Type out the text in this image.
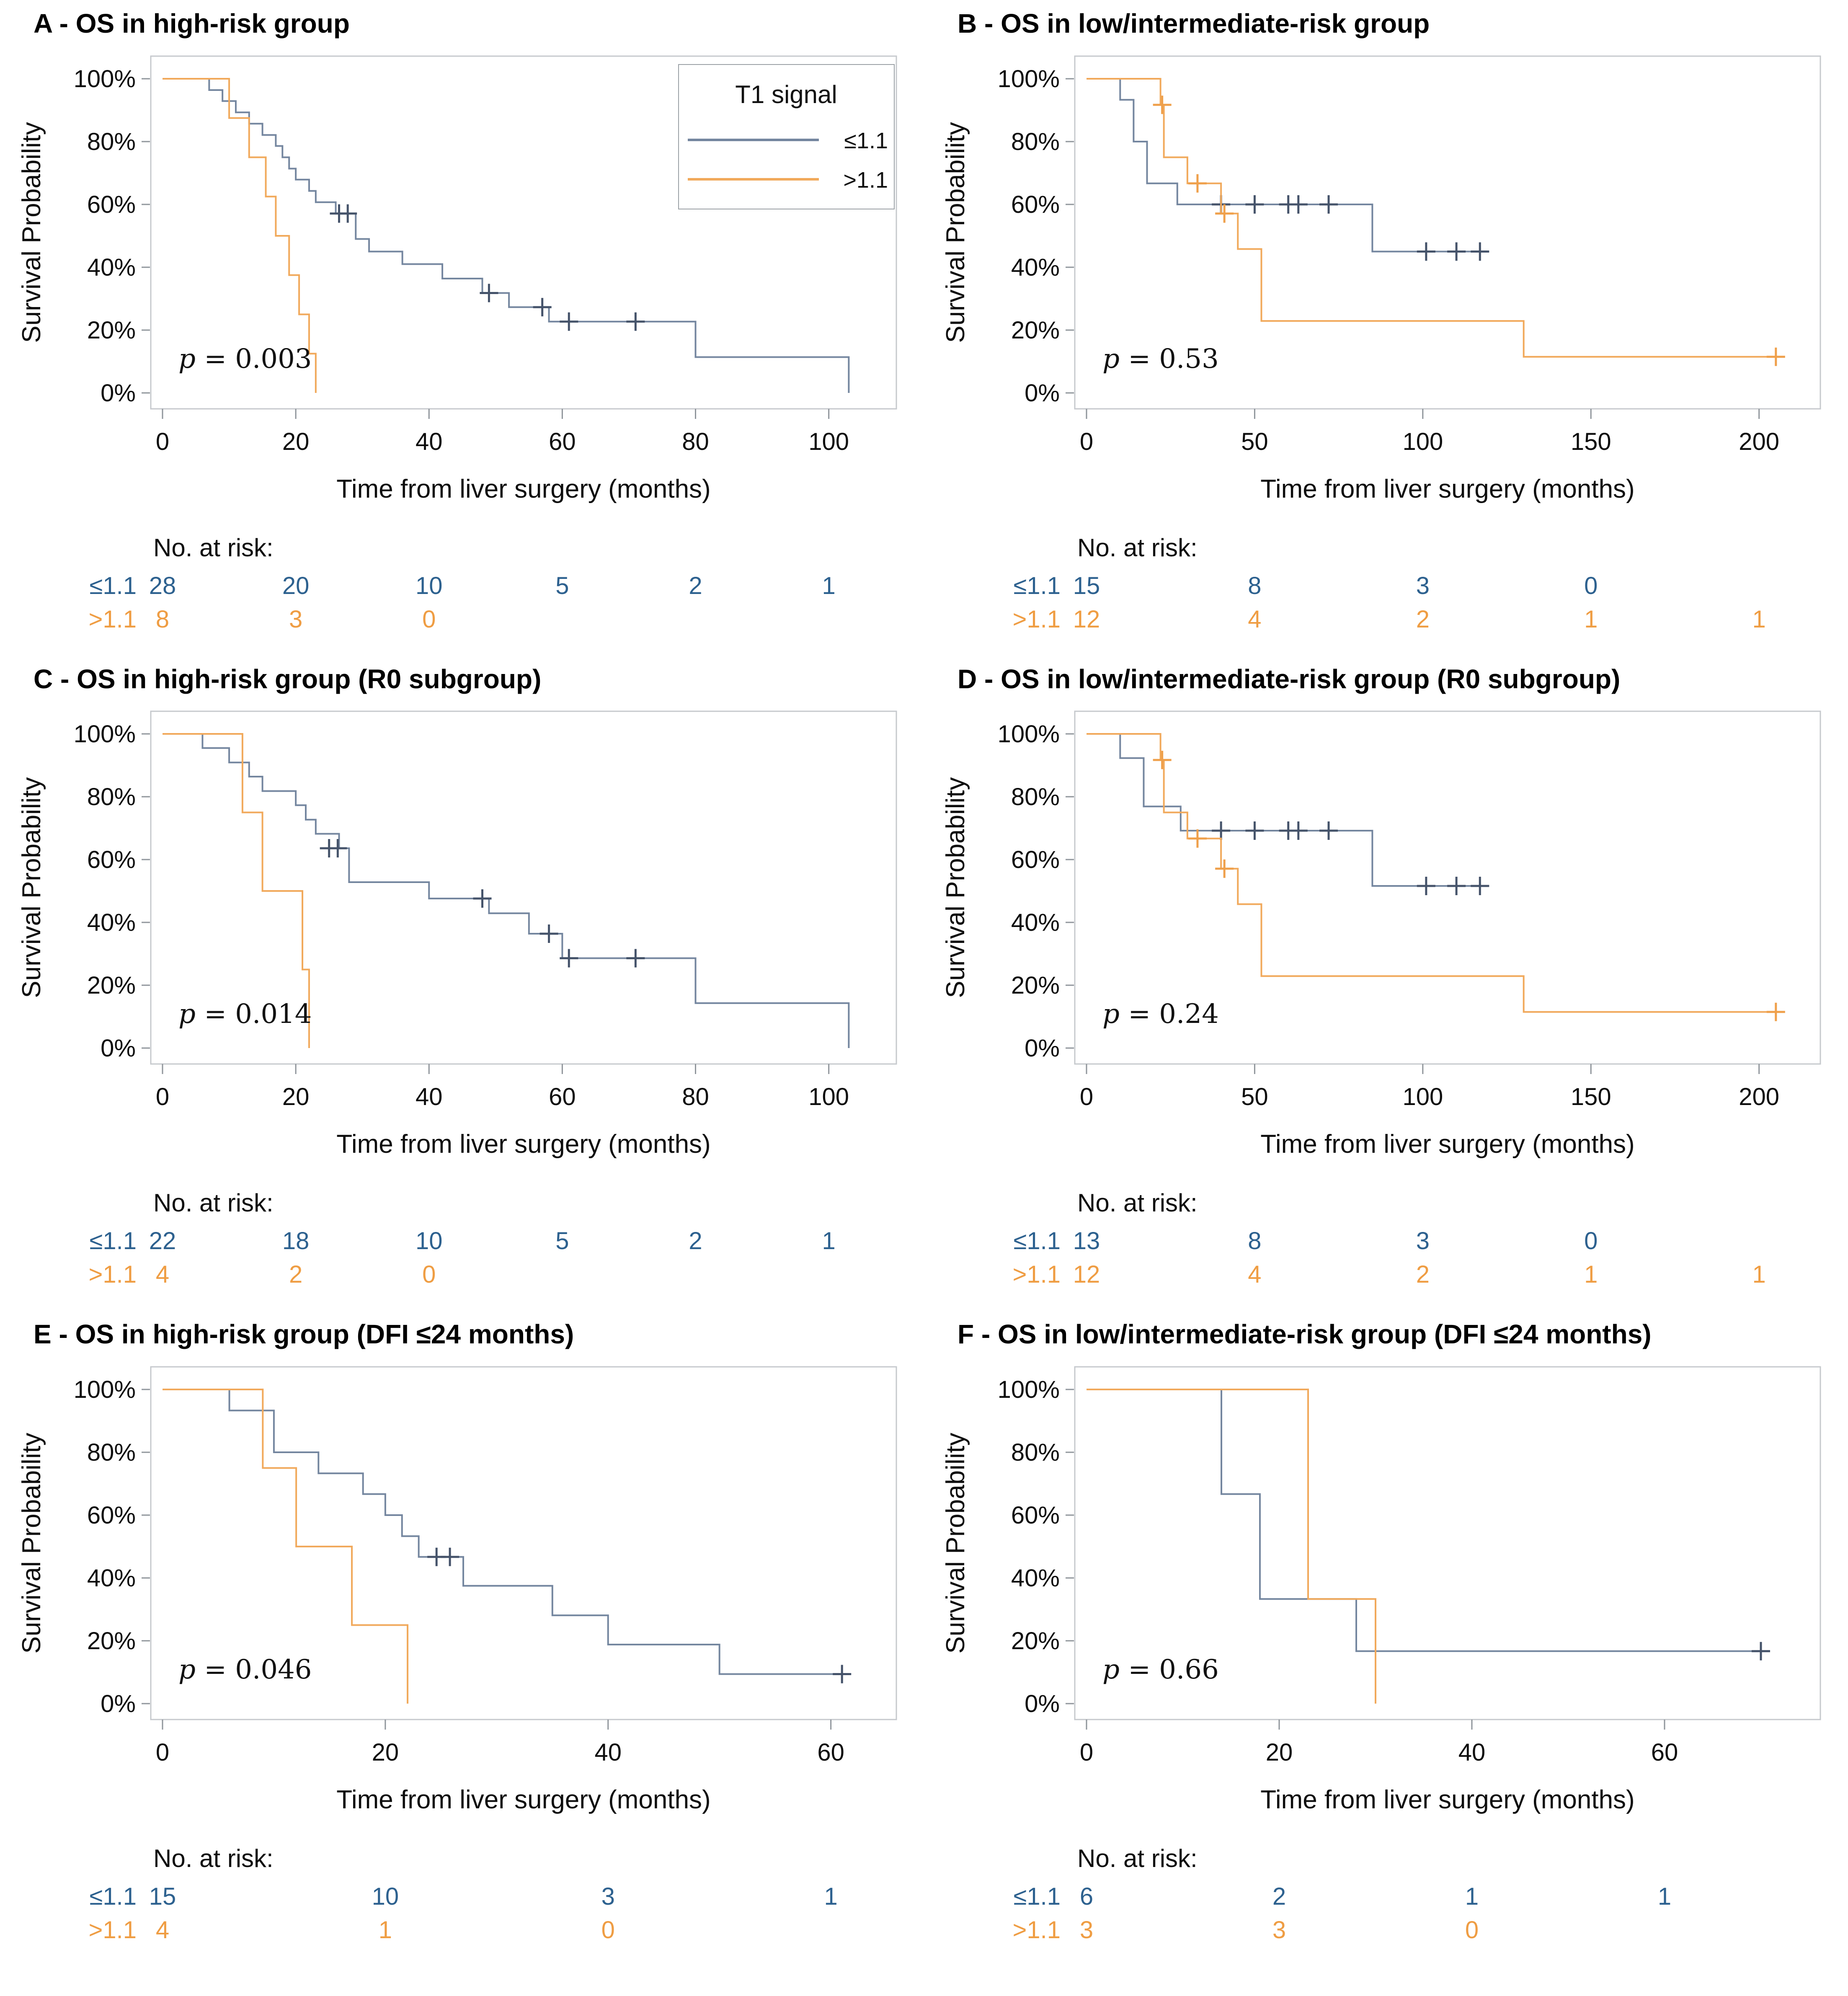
A - OS in high-risk group
0%
20%
40%
60%
80%
100%
0	20	40	60	80	100
Time from liver surgery (months)
Survival Probability
p = 0.003
T1 signal
≤1.1
>1.1
No. at risk:
≤1.1 28	20	10	5	2	1
>1.1 8	3	0
B - OS in low/intermediate-risk group
0%
20%
40%
60%
80%
100%
0	50	100	150	200
Time from liver surgery (months)
Survival Probability
p = 0.53
No. at risk:
≤1.1 15	8	3	0
>1.1 12	4	2	1	1
C - OS in high-risk group (R0 subgroup)
0%
20%
40%
60%
80%
100%
0	20	40	60	80	100
Time from liver surgery (months)
Survival Probability
p = 0.014
No. at risk:
≤1.1 22	18	10	5	2	1
>1.1 4	2	0
D - OS in low/intermediate-risk group (R0 subgroup)
0%
20%
40%
60%
80%
100%
0	50	100	150	200
Time from liver surgery (months)
Survival Probability
p = 0.24
No. at risk:
≤1.1 13	8	3	0
>1.1 12	4	2	1	1
E - OS in high-risk group (DFI ≤24 months)
0%
20%
40%
60%
80%
100%
0	20	40	60
Time from liver surgery (months)
Survival Probability
p = 0.046
No. at risk:
≤1.1 15	10	3	1
>1.1 4	1	0
F - OS in low/intermediate-risk group (DFI ≤24 months)
0%
20%
40%
60%
80%
100%
0	20	40	60
Time from liver surgery (months)
Survival Probability
p = 0.66
No. at risk:
≤1.1 6	2	1	1
>1.1 3	3	0
